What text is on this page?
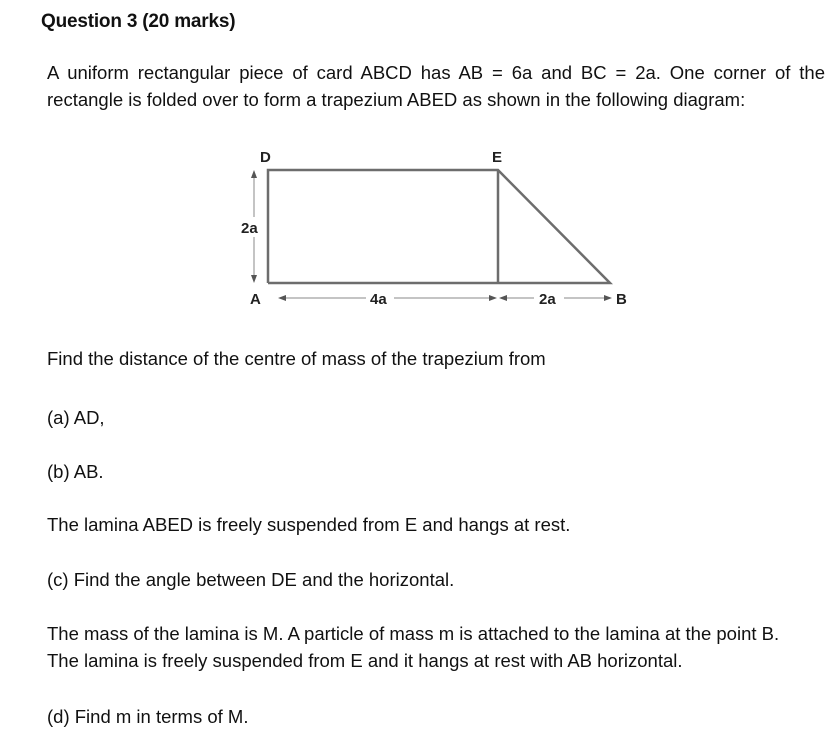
Question 3 (20 marks)

A uniform rectangular piece of card ABCD has AB = 6a and BC = 2a. One corner of the rectangle is folded over to form a trapezium ABED as shown in the following diagram:

D	E
2a
A	4a	2a	B

Find the distance of the centre of mass of the trapezium from

(a) AD,

(b) AB.

The lamina ABED is freely suspended from E and hangs at rest.

(c) Find the angle between DE and the horizontal.

The mass of the lamina is M. A particle of mass m is attached to the lamina at the point B.
The lamina is freely suspended from E and it hangs at rest with AB horizontal.

(d) Find m in terms of M.
